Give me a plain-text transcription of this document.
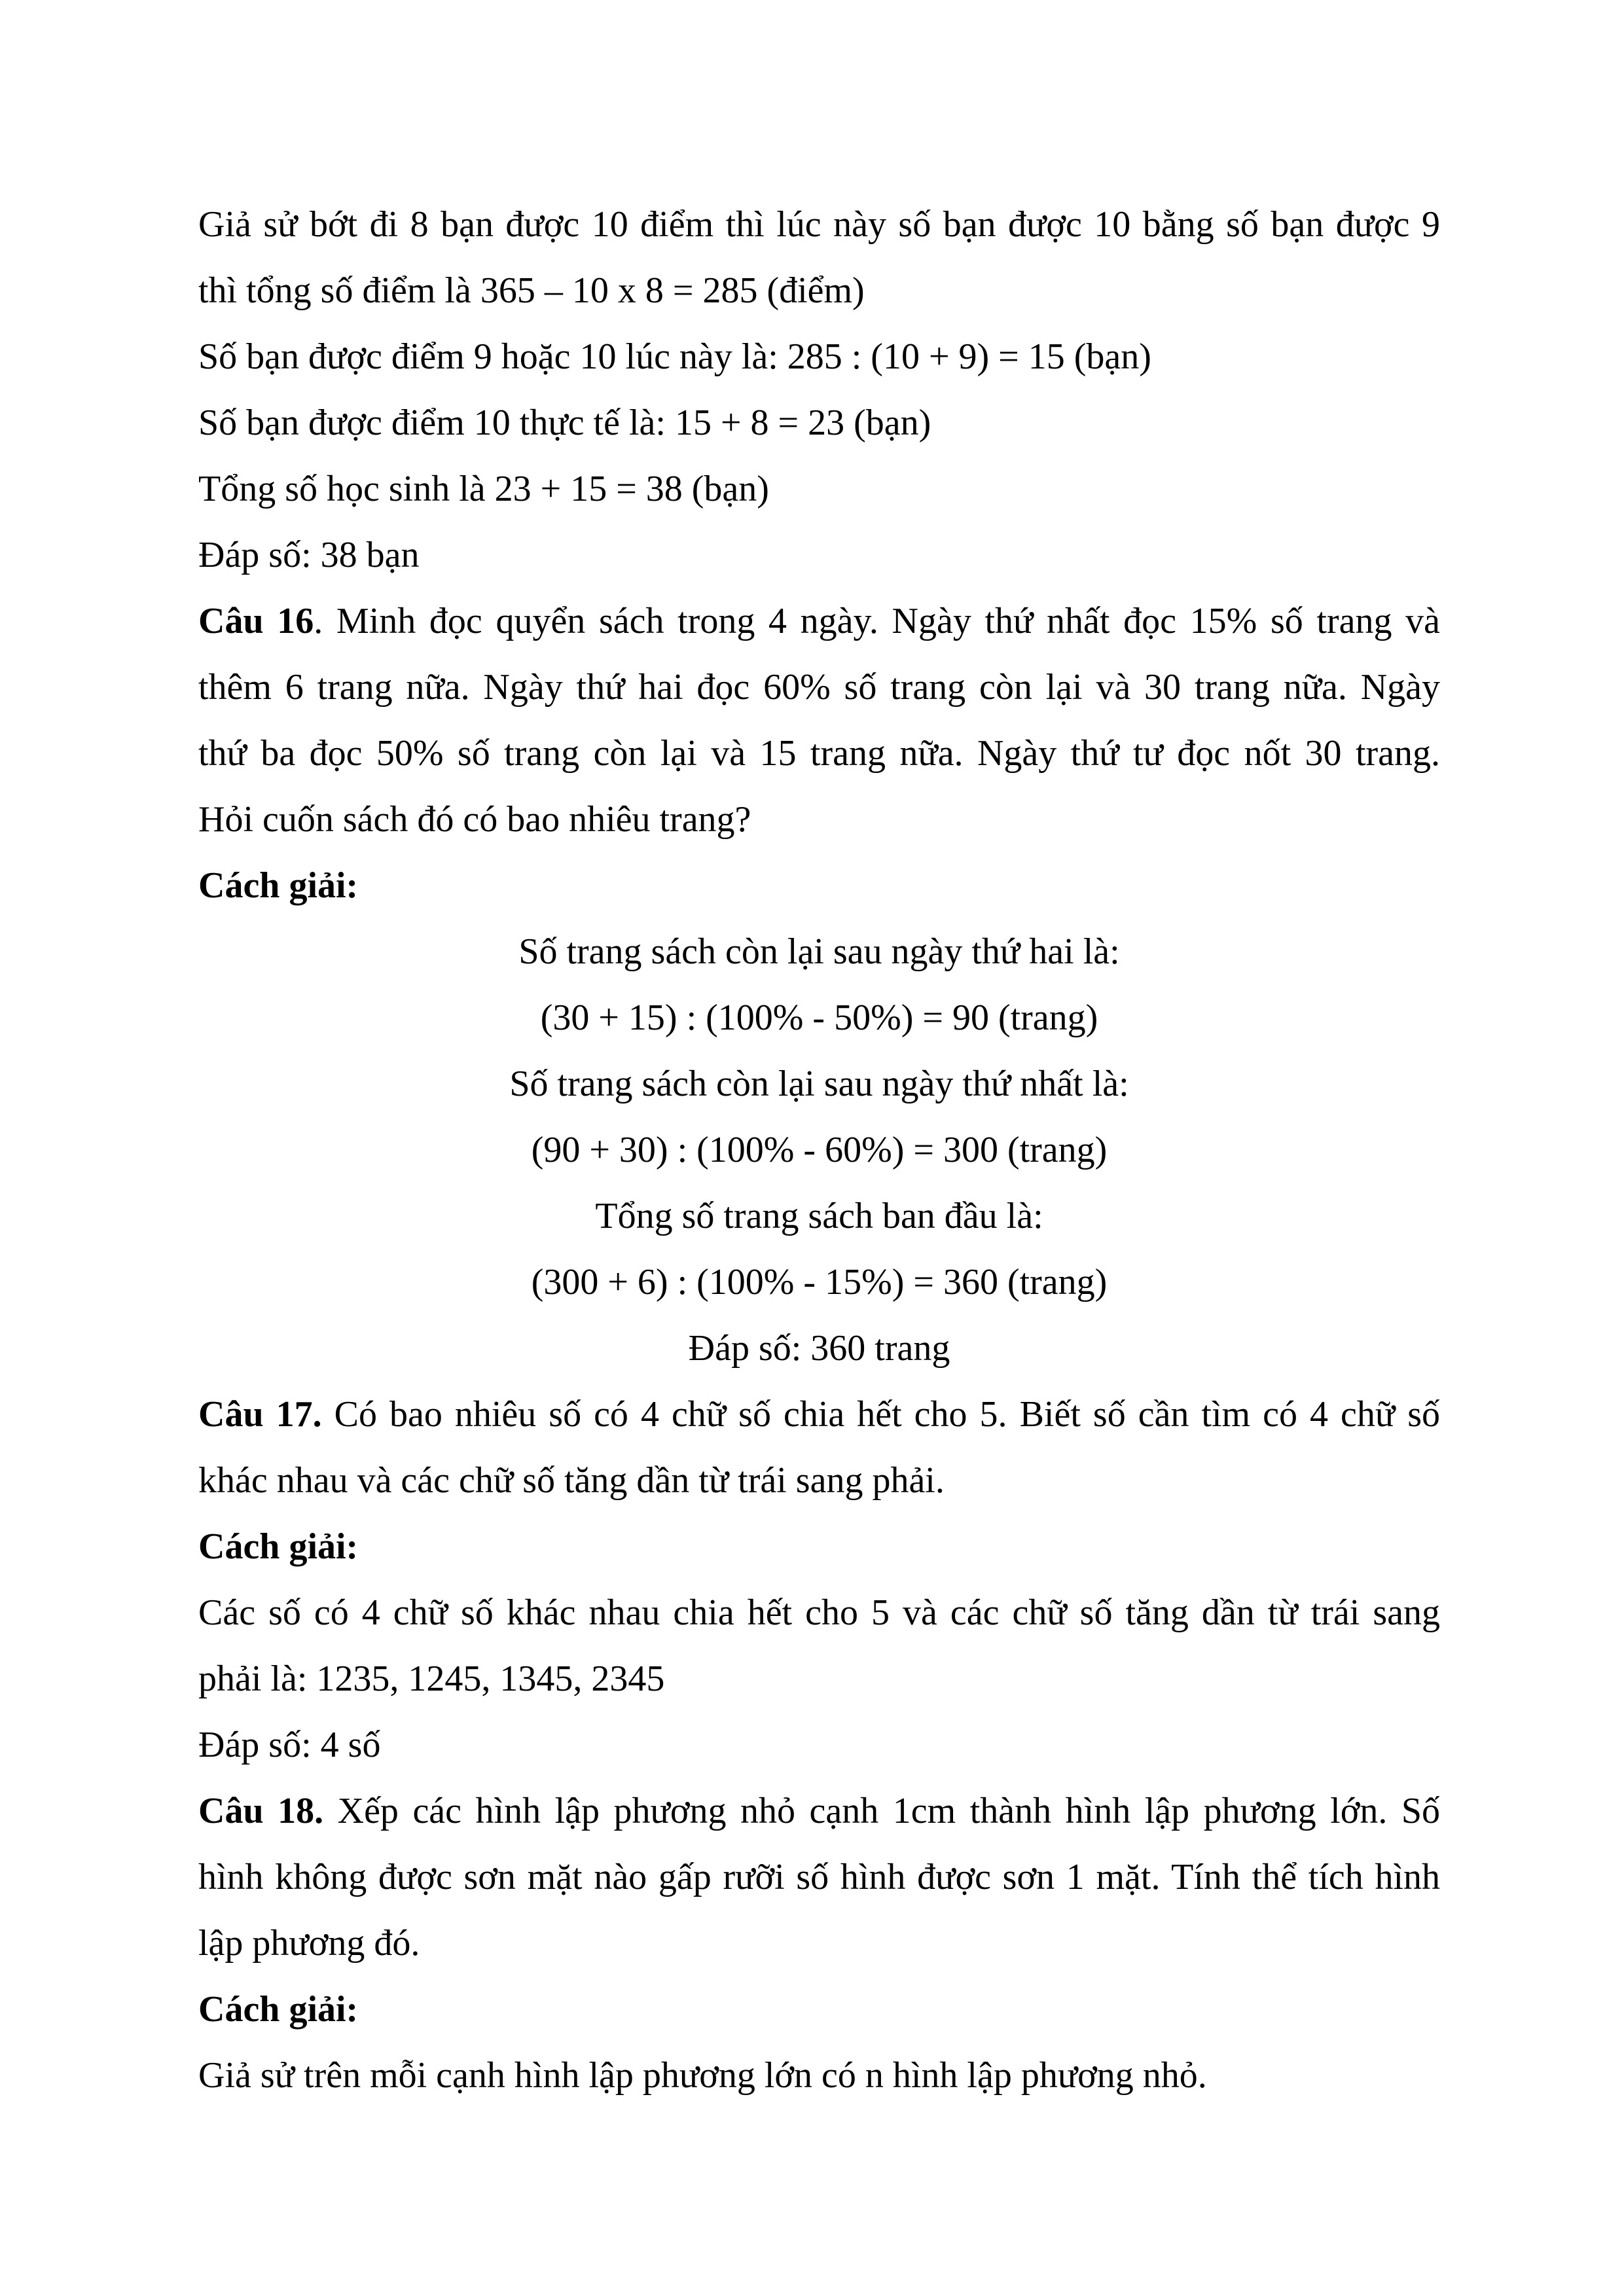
Giả sử bớt đi 8 bạn được 10 điểm thì lúc này số bạn được 10 bằng số bạn được 9
thì tổng số điểm là 365 – 10 x 8 = 285 (điểm)
Số bạn được điểm 9 hoặc 10 lúc này là: 285 : (10 + 9) = 15 (bạn)
Số bạn được điểm 10 thực tế là: 15 + 8 = 23 (bạn)
Tổng số học sinh là 23 + 15 = 38 (bạn)
Đáp số: 38 bạn
Câu 16. Minh đọc quyển sách trong 4 ngày. Ngày thứ nhất đọc 15% số trang và
thêm 6 trang nữa. Ngày thứ hai đọc 60% số trang còn lại và 30 trang nữa. Ngày
thứ ba đọc 50% số trang còn lại và 15 trang nữa. Ngày thứ tư đọc nốt 30 trang.
Hỏi cuốn sách đó có bao nhiêu trang?
Cách giải:
Số trang sách còn lại sau ngày thứ hai là:
(30 + 15) : (100% - 50%) = 90 (trang)
Số trang sách còn lại sau ngày thứ nhất là:
(90 + 30) : (100% - 60%) = 300 (trang)
Tổng số trang sách ban đầu là:
(300 + 6) : (100% - 15%) = 360 (trang)
Đáp số: 360 trang
Câu 17. Có bao nhiêu số có 4 chữ số chia hết cho 5. Biết số cần tìm có 4 chữ số
khác nhau và các chữ số tăng dần từ trái sang phải.
Cách giải:
Các số có 4 chữ số khác nhau chia hết cho 5 và các chữ số tăng dần từ trái sang
phải là: 1235, 1245, 1345, 2345
Đáp số: 4 số
Câu 18. Xếp các hình lập phương nhỏ cạnh 1cm thành hình lập phương lớn. Số
hình không được sơn mặt nào gấp rưỡi số hình được sơn 1 mặt. Tính thể tích hình
lập phương đó.
Cách giải:
Giả sử trên mỗi cạnh hình lập phương lớn có n hình lập phương nhỏ.
